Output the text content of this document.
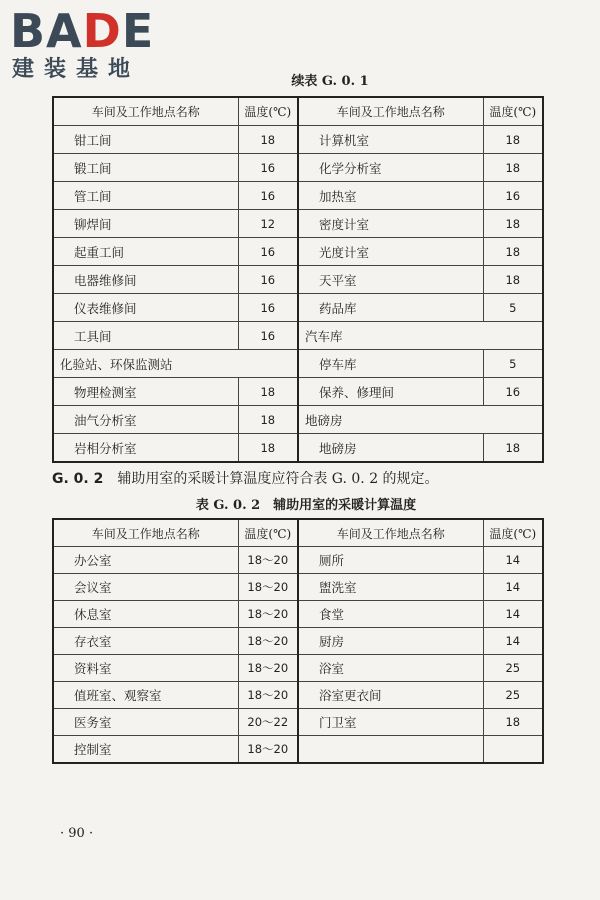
BADE
建装基地	续表 G. 0. 1
车间及工作地点名称	温度(℃)	车间及工作地点名称	温度(℃)
钳工间	18	计算机室	18
锻工间	16	化学分析室	18
管工间	16	加热室	16
铆焊间	12	密度计室	18
起重工间	16	光度计室	18
电器维修间	16	天平室	18
仪表维修间	16	药品库	5
工具间	16	汽车库	
化验站、环保监测站		停车库	5
物理检测室	18	保养、修理间	16
油气分析室	18	地磅房	
岩相分析室	18	地磅房	18
G. 0. 2 辅助用室的采暖计算温度应符合表 G. 0. 2 的规定。
表 G. 0. 2　辅助用室的采暖计算温度
车间及工作地点名称	温度(℃)	车间及工作地点名称	温度(℃)
办公室	18～20	厕所	14
会议室	18～20	盥洗室	14
休息室	18～20	食堂	14
存衣室	18～20	厨房	14
资料室	18～20	浴室	25
值班室、观察室	18～20	浴室更衣间	25
医务室	20～22	门卫室	18
控制室	18～20		
· 90 ·
